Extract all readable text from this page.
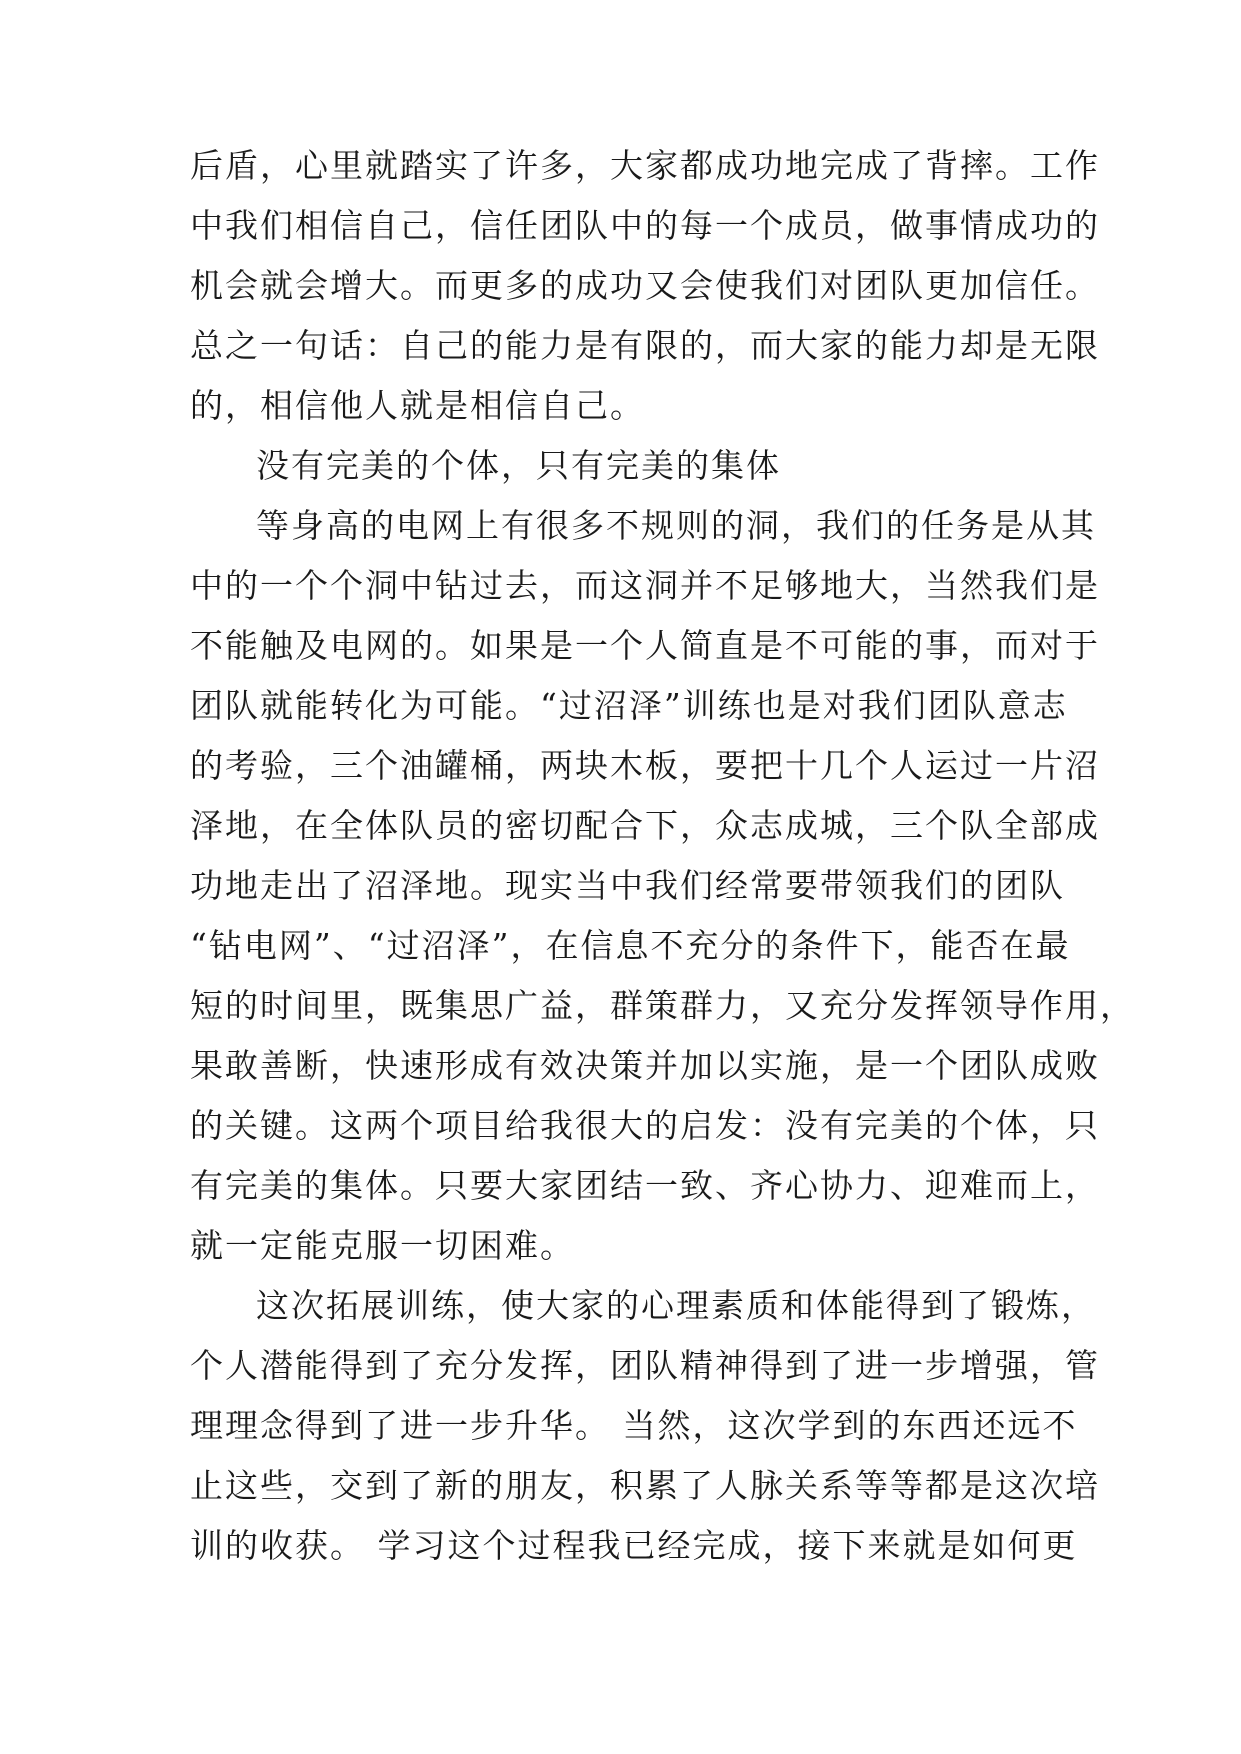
后盾，心里就踏实了许多，大家都成功地完成了背摔。工作
中我们相信自己，信任团队中的每一个成员，做事情成功的
机会就会增大。而更多的成功又会使我们对团队更加信任。
总之一句话：自己的能力是有限的，而大家的能力却是无限
的，相信他人就是相信自己。
没有完美的个体，只有完美的集体
等身高的电网上有很多不规则的洞，我们的任务是从其
中的一个个洞中钻过去，而这洞并不足够地大，当然我们是
不能触及电网的。如果是一个人简直是不可能的事，而对于
团队就能转化为可能。“过沼泽”训练也是对我们团队意志
的考验，三个油罐桶，两块木板，要把十几个人运过一片沼
泽地，在全体队员的密切配合下，众志成城，三个队全部成
功地走出了沼泽地。现实当中我们经常要带领我们的团队
“钻电网”、“过沼泽”，在信息不充分的条件下，能否在最
短的时间里，既集思广益，群策群力，又充分发挥领导作用，
果敢善断，快速形成有效决策并加以实施，是一个团队成败
的关键。这两个项目给我很大的启发：没有完美的个体，只
有完美的集体。只要大家团结一致、齐心协力、迎难而上，
就一定能克服一切困难。
这次拓展训练，使大家的心理素质和体能得到了锻炼，
个人潜能得到了充分发挥，团队精神得到了进一步增强，管
理理念得到了进一步升华。 当然，这次学到的东西还远不
止这些，交到了新的朋友，积累了人脉关系等等都是这次培
训的收获。 学习这个过程我已经完成，接下来就是如何更
